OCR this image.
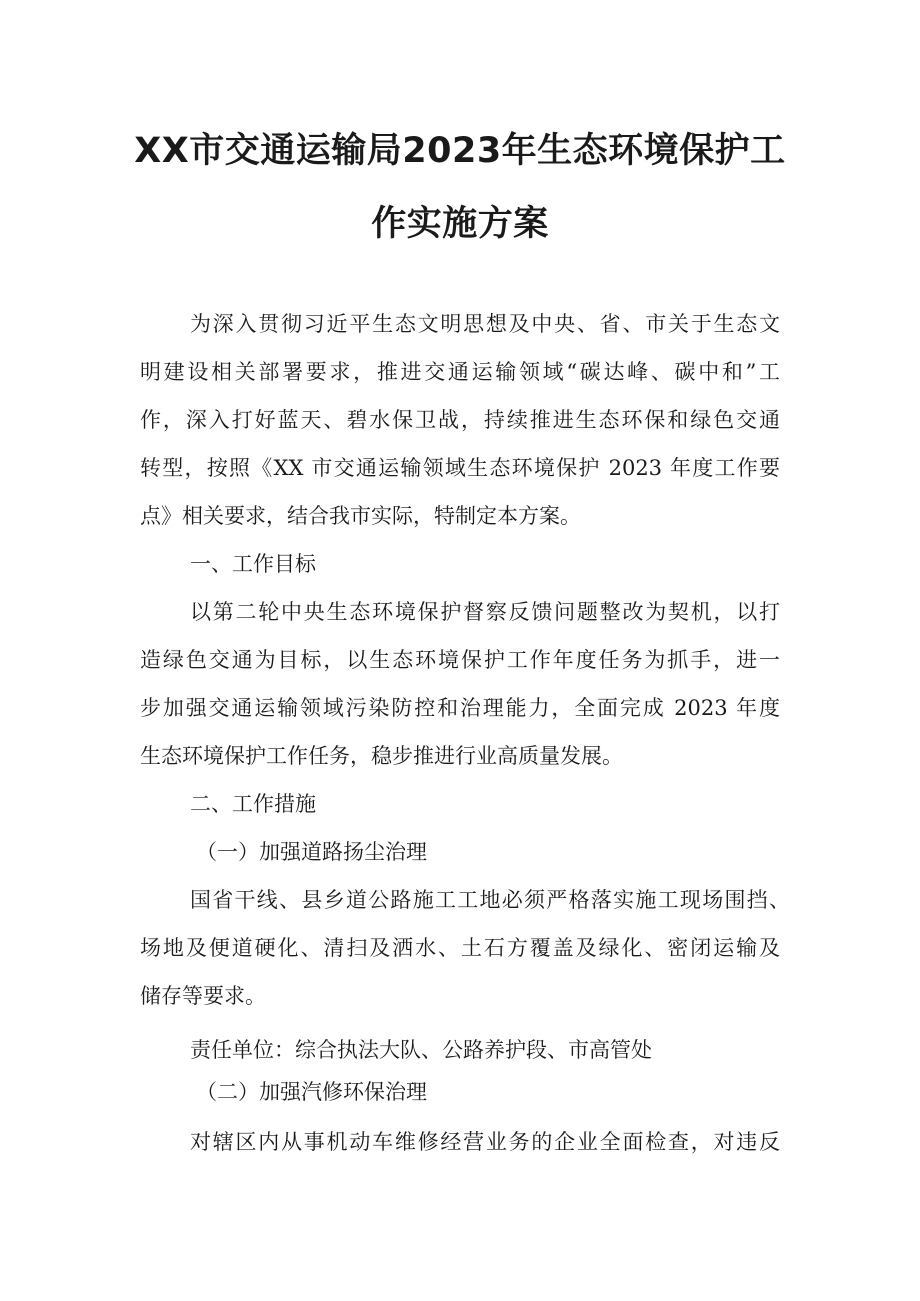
XX市交通运输局2023年生态环境保护工
作实施方案

为深入贯彻习近平生态文明思想及中央、省、市关于生态文

明建设相关部署要求，推进交通运输领域“碳达峰、碳中和”工

作，深入打好蓝天、碧水保卫战，持续推进生态环保和绿色交通

转型，按照《XX 市交通运输领域生态环境保护 2023 年度工作要

点》相关要求，结合我市实际，特制定本方案。

一、工作目标

以第二轮中央生态环境保护督察反馈问题整改为契机，以打

造绿色交通为目标，以生态环境保护工作年度任务为抓手，进一

步加强交通运输领域污染防控和治理能力，全面完成 2023 年度

生态环境保护工作任务，稳步推进行业高质量发展。

二、工作措施

（一）加强道路扬尘治理

国省干线、县乡道公路施工工地必须严格落实施工现场围挡、

场地及便道硬化、清扫及洒水、土石方覆盖及绿化、密闭运输及

储存等要求。

责任单位：综合执法大队、公路养护段、市高管处

（二）加强汽修环保治理

对辖区内从事机动车维修经营业务的企业全面检查，对违反
